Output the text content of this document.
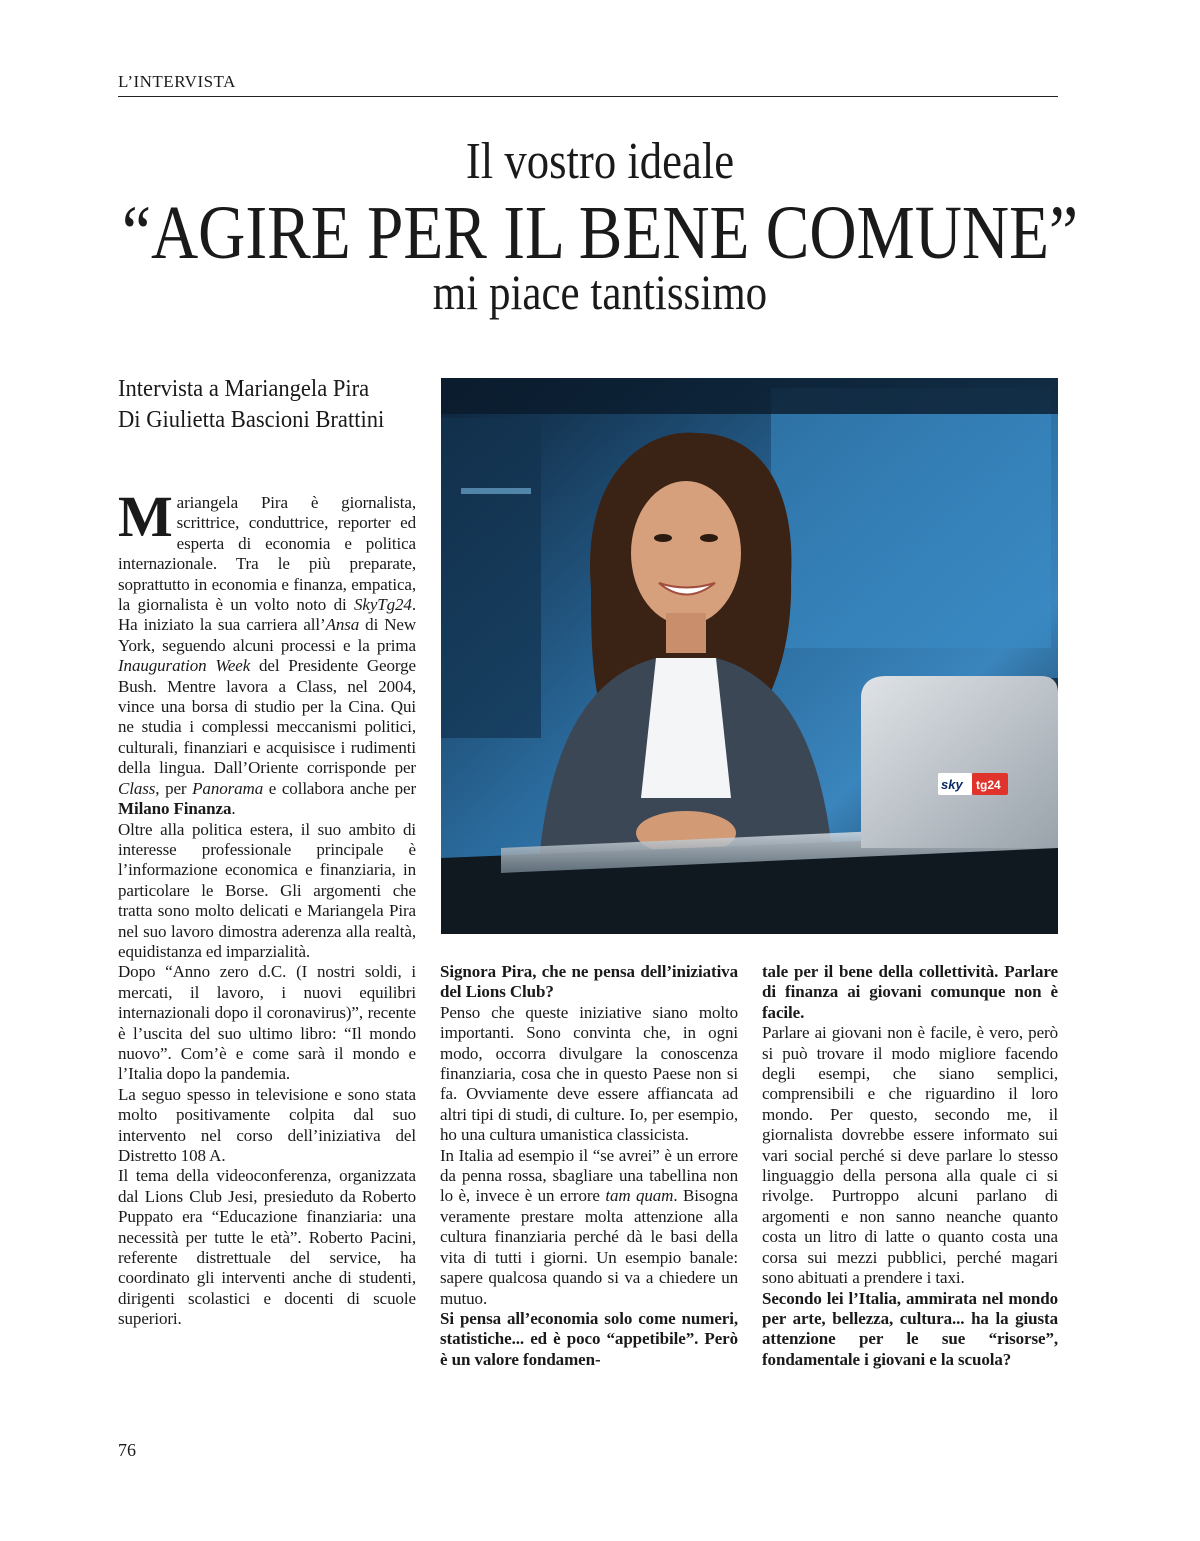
L’INTERVISTA
Il vostro ideale
“AGIRE PER IL BENE COMUNE”
mi piace tantissimo
Intervista a Mariangela Pira
Di Giulietta Bascioni Brattini
sky tg24

Mariangela Pira è giornalista, scrittrice, conduttrice, reporter ed esperta di economia e politica internazionale. Tra le più preparate, soprattutto in economia e finanza, empatica, la giornalista è un volto noto di SkyTg24. Ha iniziato la sua carriera all’Ansa di New York, seguendo alcuni processi e la prima Inauguration Week del Presidente George Bush. Mentre lavora a Class, nel 2004, vince una borsa di studio per la Cina. Qui ne studia i complessi meccanismi politici, culturali, finanziari e acquisisce i rudimenti della lingua. Dall’Oriente corrisponde per Class, per Panorama e collabora anche per Milano Finanza.

Oltre alla politica estera, il suo ambito di interesse professionale principale è l’informazione economica e finanziaria, in particolare le Borse. Gli argomenti che tratta sono molto delicati e Mariangela Pira nel suo lavoro dimostra aderenza alla realtà, equidistanza ed imparzialità.

Dopo “Anno zero d.C. (I nostri soldi, i mercati, il lavoro, i nuovi equilibri internazionali dopo il coronavirus)”, recente è l’uscita del suo ultimo libro: “Il mondo nuovo”. Com’è e come sarà il mondo e l’Italia dopo la pandemia.

La seguo spesso in televisione e sono stata molto positivamente colpita dal suo intervento nel corso dell’iniziativa del Distretto 108 A.

Il tema della videoconferenza, organizzata dal Lions Club Jesi, presieduto da Roberto Puppato era “Educazione finanziaria: una necessità per tutte le età”. Roberto Pacini, referente distrettuale del service, ha coordinato gli interventi anche di studenti, dirigenti scolastici e docenti di scuole superiori.

Signora Pira, che ne pensa dell’iniziativa del Lions Club?

Penso che queste iniziative siano molto importanti. Sono convinta che, in ogni modo, occorra divulgare la conoscenza finanziaria, cosa che in questo Paese non si fa. Ovviamente deve essere affiancata ad altri tipi di studi, di culture. Io, per esempio, ho una cultura umanistica classicista.

In Italia ad esempio il “se avrei” è un errore da penna rossa, sbagliare una tabellina non lo è, invece è un errore tam quam. Bisogna veramente prestare molta attenzione alla cultura finanziaria perché dà le basi della vita di tutti i giorni. Un esempio banale: sapere qualcosa quando si va a chiedere un mutuo.

Si pensa all’economia solo come numeri, statistiche... ed è poco “appetibile”. Però è un valore fondamen-

tale per il bene della collettività. Parlare di finanza ai giovani comunque non è facile.

Parlare ai giovani non è facile, è vero, però si può trovare il modo migliore facendo degli esempi, che siano semplici, comprensibili e che riguardino il loro mondo. Per questo, secondo me, il giornalista dovrebbe essere informato sui vari social perché si deve parlare lo stesso linguaggio della persona alla quale ci si rivolge. Purtroppo alcuni parlano di argomenti e non sanno neanche quanto costa un litro di latte o quanto costa una corsa sui mezzi pubblici, perché magari sono abituati a prendere i taxi.

Secondo lei l’Italia, ammirata nel mondo per arte, bellezza, cultura... ha la giusta attenzione per le sue “risorse”, fondamentale i giovani e la scuola?

76
